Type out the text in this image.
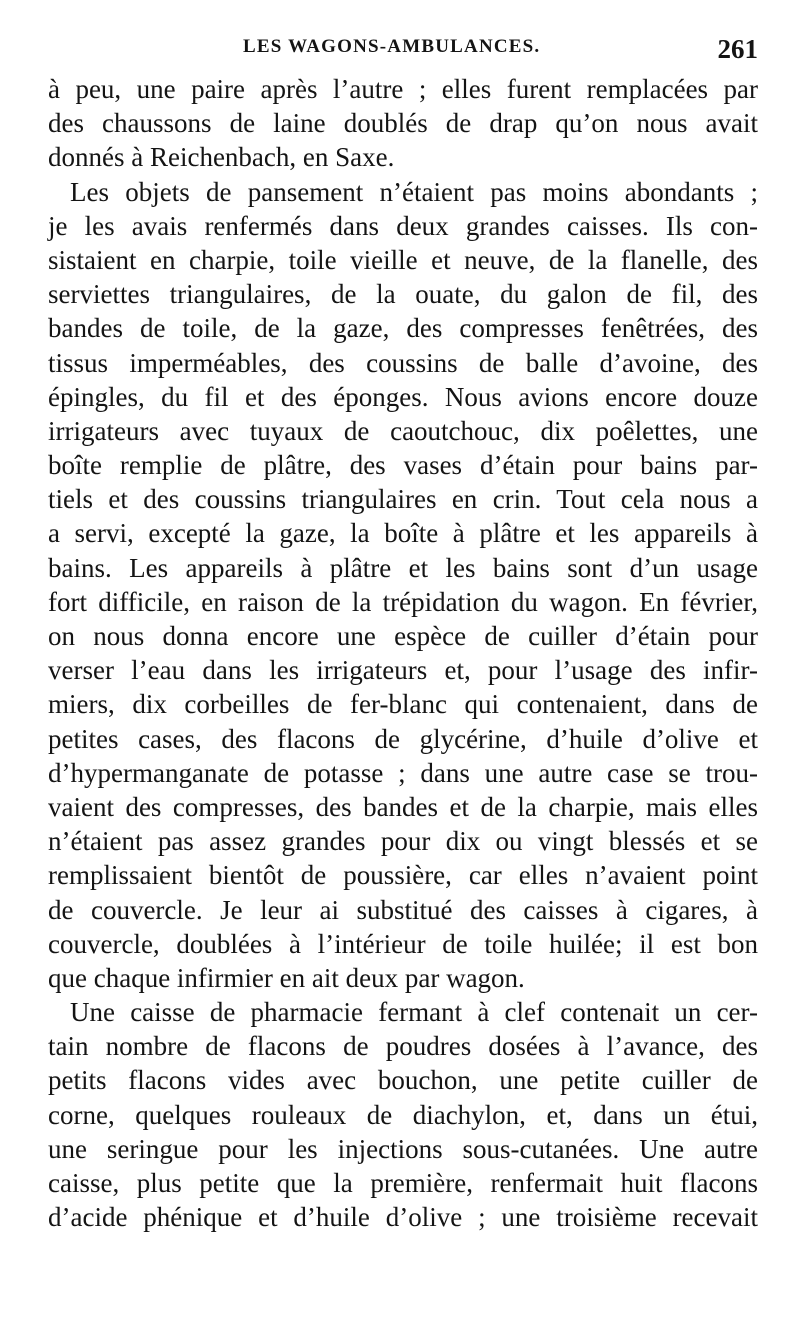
LES WAGONS-AMBULANCES.	261
à peu, une paire après l’autre ; elles furent remplacées par
des chaussons de laine doublés de drap qu’on nous avait
donnés à Reichenbach, en Saxe.
Les objets de pansement n’étaient pas moins abondants ;
je les avais renfermés dans deux grandes caisses. Ils con-
sistaient en charpie, toile vieille et neuve, de la flanelle, des
serviettes triangulaires, de la ouate, du galon de fil, des
bandes de toile, de la gaze, des compresses fenêtrées, des
tissus imperméables, des coussins de balle d’avoine, des
épingles, du fil et des éponges. Nous avions encore douze
irrigateurs avec tuyaux de caoutchouc, dix poêlettes, une
boîte remplie de plâtre, des vases d’étain pour bains par-
tiels et des coussins triangulaires en crin. Tout cela nous a
a servi, excepté la gaze, la boîte à plâtre et les appareils à
bains. Les appareils à plâtre et les bains sont d’un usage
fort difficile, en raison de la trépidation du wagon. En février,
on nous donna encore une espèce de cuiller d’étain pour
verser l’eau dans les irrigateurs et, pour l’usage des infir-
miers, dix corbeilles de fer-blanc qui contenaient, dans de
petites cases, des flacons de glycérine, d’huile d’olive et
d’hypermanganate de potasse ; dans une autre case se trou-
vaient des compresses, des bandes et de la charpie, mais elles
n’étaient pas assez grandes pour dix ou vingt blessés et se
remplissaient bientôt de poussière, car elles n’avaient point
de couvercle. Je leur ai substitué des caisses à cigares, à
couvercle, doublées à l’intérieur de toile huilée; il est bon
que chaque infirmier en ait deux par wagon.
Une caisse de pharmacie fermant à clef contenait un cer-
tain nombre de flacons de poudres dosées à l’avance, des
petits flacons vides avec bouchon, une petite cuiller de
corne, quelques rouleaux de diachylon, et, dans un étui,
une seringue pour les injections sous-cutanées. Une autre
caisse, plus petite que la première, renfermait huit flacons
d’acide phénique et d’huile d’olive ; une troisième recevait
